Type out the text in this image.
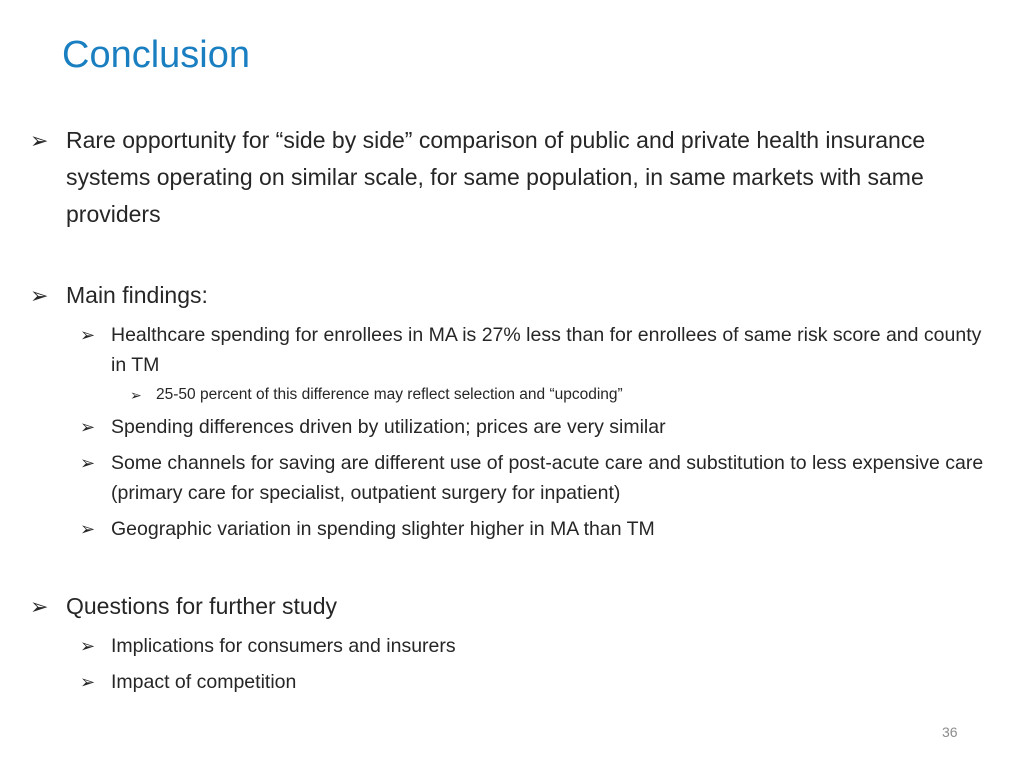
Conclusion
➢ Rare opportunity for “side by side” comparison of public and private health insurance systems operating on similar scale, for same population, in same markets with same providers
➢ Main findings:
➢ Healthcare spending for enrollees in MA is 27% less than for enrollees of same risk score and county in TM
➢ 25-50 percent of this difference may reflect selection and “upcoding”
➢ Spending differences driven by utilization; prices are very similar
➢ Some channels for saving are different use of post-acute care and substitution to less expensive care (primary care for specialist, outpatient surgery for inpatient)
➢ Geographic variation in spending slighter higher in MA than TM
➢ Questions for further study
➢ Implications for consumers and insurers
➢ Impact of competition
36
